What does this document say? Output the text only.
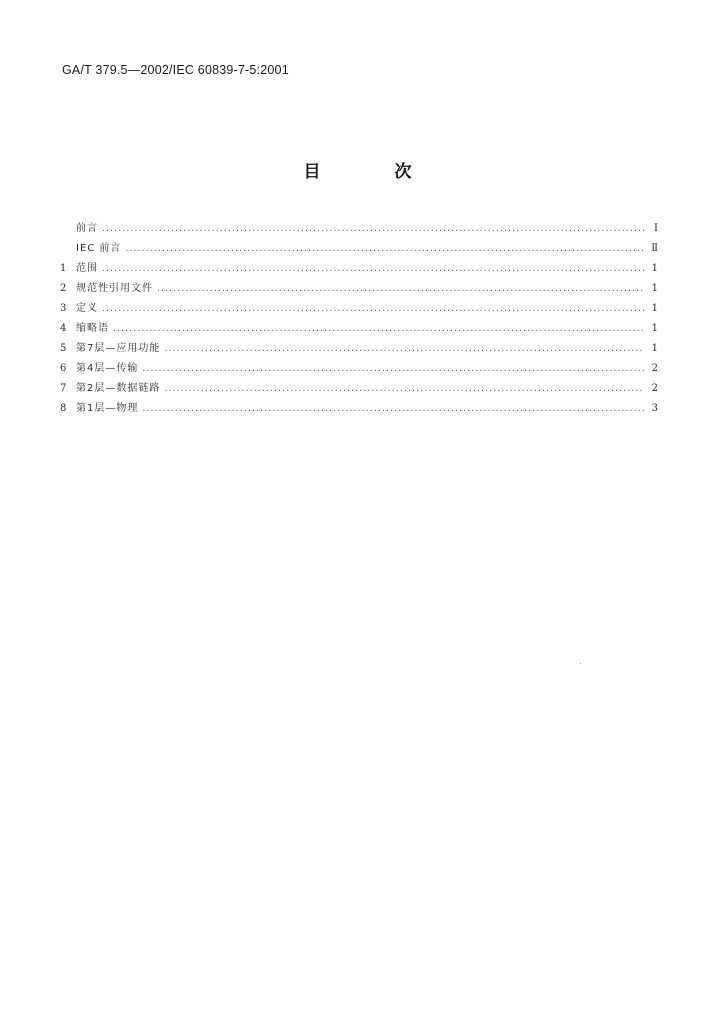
GA/T 379.5—2002/IEC 60839-7-5:2001
目 次
前言 .....	I
IEC 前言 .....	Ⅱ
1 范围 .....	1
2 规范性引用文件 .....	1
3 定义 .....	1
4 缩略语 .....	1
5 第7层—应用功能 .....	1
6 第4层—传输 .....	2
7 第2层—数据链路 .....	2
8 第1层—物理 .....	3
